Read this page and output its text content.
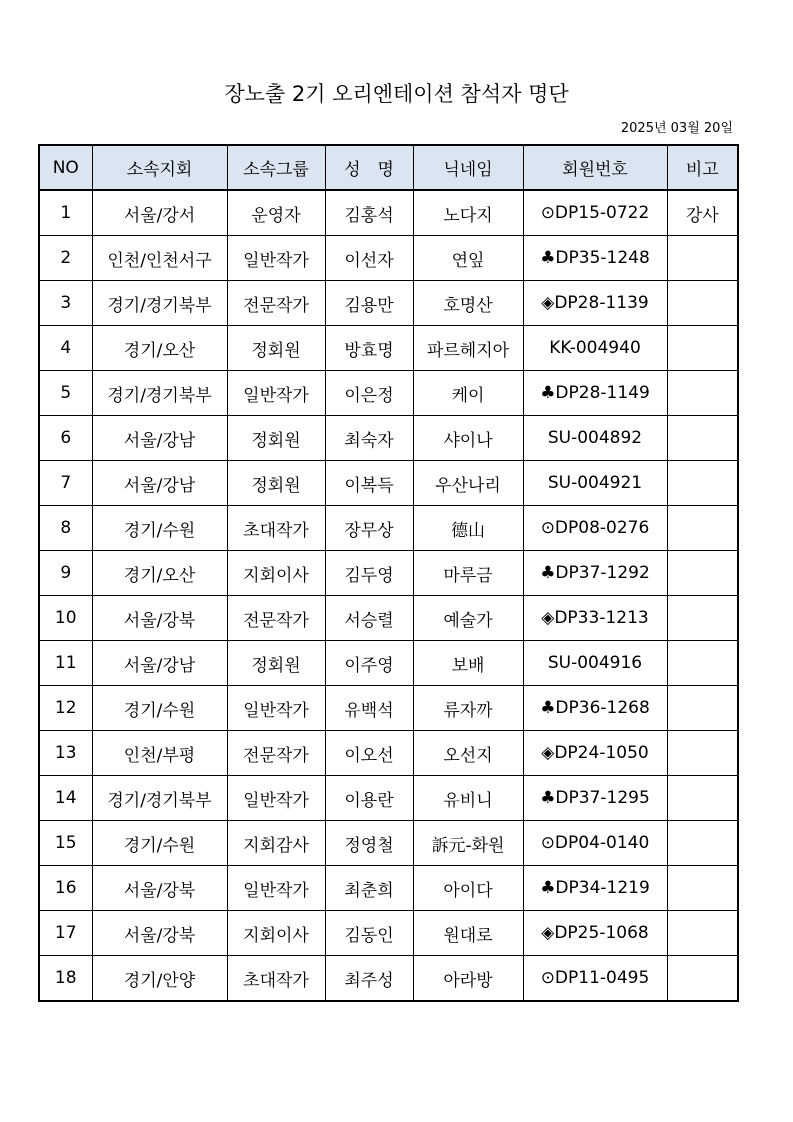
장노출 2기 오리엔테이션 참석자 명단
2025년 03월 20일
NO	소속지회	소속그룹	성　명	닉네임	회원번호	비고
1	서울/강서	운영자	김홍석	노다지	⊙DP15-0722	강사
2	인천/인천서구	일반작가	이선자	연잎	♣DP35-1248	
3	경기/경기북부	전문작가	김용만	호명산	◈DP28-1139	
4	경기/오산	정회원	방효명	파르헤지아	KK-004940	
5	경기/경기북부	일반작가	이은정	케이	♣DP28-1149	
6	서울/강남	정회원	최숙자	샤이나	SU-004892	
7	서울/강남	정회원	이복득	우산나리	SU-004921	
8	경기/수원	초대작가	장무상	德山	⊙DP08-0276	
9	경기/오산	지회이사	김두영	마루금	♣DP37-1292	
10	서울/강북	전문작가	서승렬	예술가	◈DP33-1213	
11	서울/강남	정회원	이주영	보배	SU-004916	
12	경기/수원	일반작가	유백석	류자까	♣DP36-1268	
13	인천/부평	전문작가	이오선	오선지	◈DP24-1050	
14	경기/경기북부	일반작가	이용란	유비니	♣DP37-1295	
15	경기/수원	지회감사	정영철	訴元-화원	⊙DP04-0140	
16	서울/강북	일반작가	최춘희	아이다	♣DP34-1219	
17	서울/강북	지회이사	김동인	원대로	◈DP25-1068	
18	경기/안양	초대작가	최주성	아라방	⊙DP11-0495	
